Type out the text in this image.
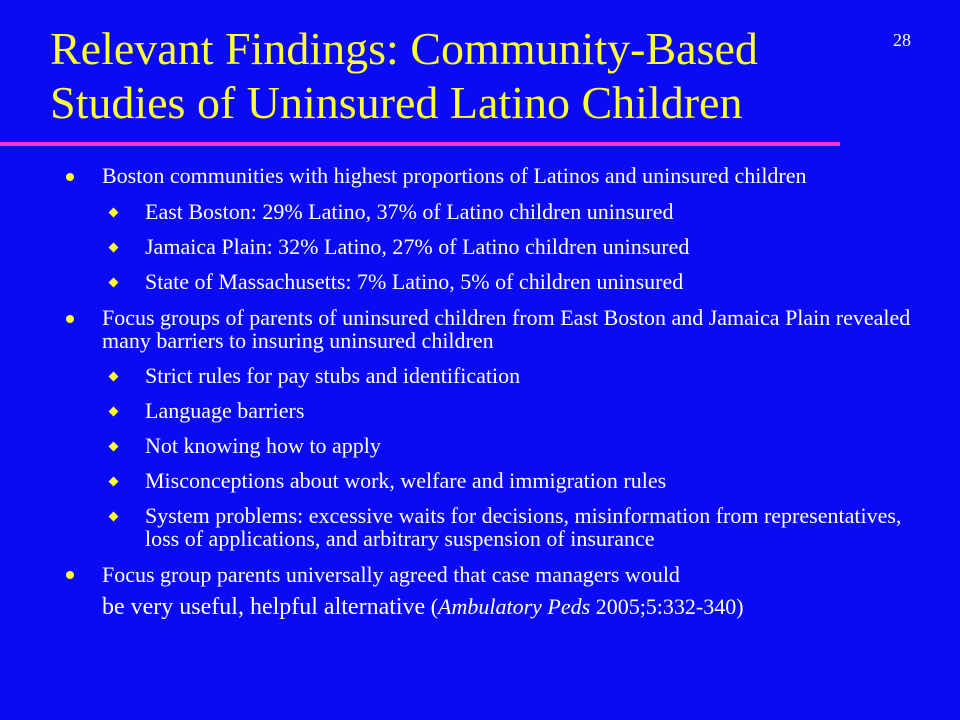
28
Relevant Findings: Community-Based
Studies of Uninsured Latino Children
Boston communities with highest proportions of Latinos and uninsured children
East Boston: 29% Latino, 37% of Latino children uninsured
Jamaica Plain: 32% Latino, 27% of Latino children uninsured
State of Massachusetts: 7% Latino, 5% of children uninsured
Focus groups of parents of uninsured children from East Boston and Jamaica Plain revealed many barriers to insuring uninsured children
Strict rules for pay stubs and identification
Language barriers
Not knowing how to apply
Misconceptions about work, welfare and immigration rules
System problems: excessive waits for decisions, misinformation from representatives, loss of applications, and arbitrary suspension of insurance
Focus group parents universally agreed that case managers would
be very useful, helpful alternative (Ambulatory Peds 2005;5:332-340)
